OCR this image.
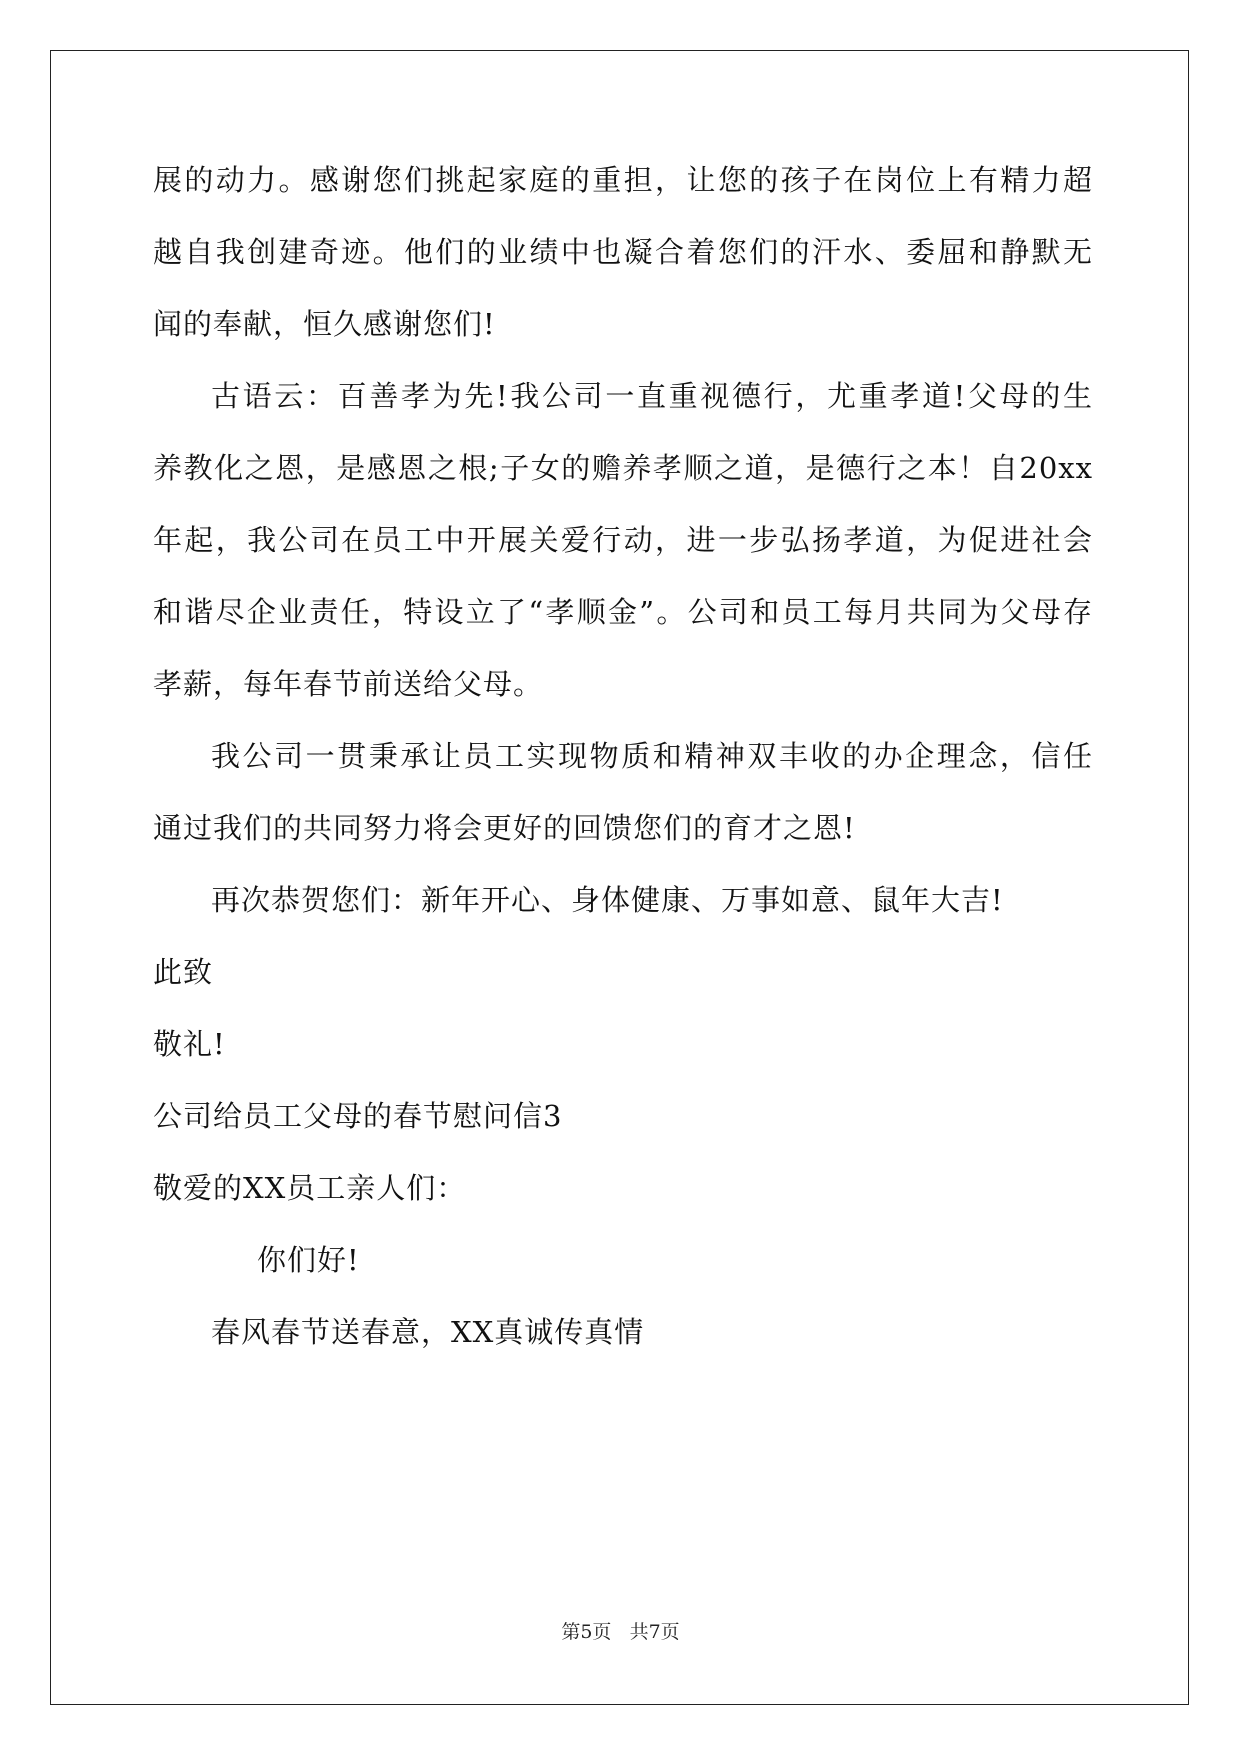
展的动力。感谢您们挑起家庭的重担，让您的孩子在岗位上有精力超
越自我创建奇迹。他们的业绩中也凝合着您们的汗水、委屈和静默无
闻的奉献，恒久感谢您们!
古语云：百善孝为先!我公司一直重视德行，尤重孝道!父母的生
养教化之恩，是感恩之根;子女的赡养孝顺之道，是德行之本！自20xx
年起，我公司在员工中开展关爱行动，进一步弘扬孝道，为促进社会
和谐尽企业责任，特设立了“孝顺金”。公司和员工每月共同为父母存
孝薪，每年春节前送给父母。
我公司一贯秉承让员工实现物质和精神双丰收的办企理念，信任
通过我们的共同努力将会更好的回馈您们的育才之恩!
再次恭贺您们：新年开心、身体健康、万事如意、鼠年大吉!
此致
敬礼!
公司给员工父母的春节慰问信3
敬爱的XX员工亲人们：
你们好!
春风春节送春意，XX真诚传真情
第5页 共7页
